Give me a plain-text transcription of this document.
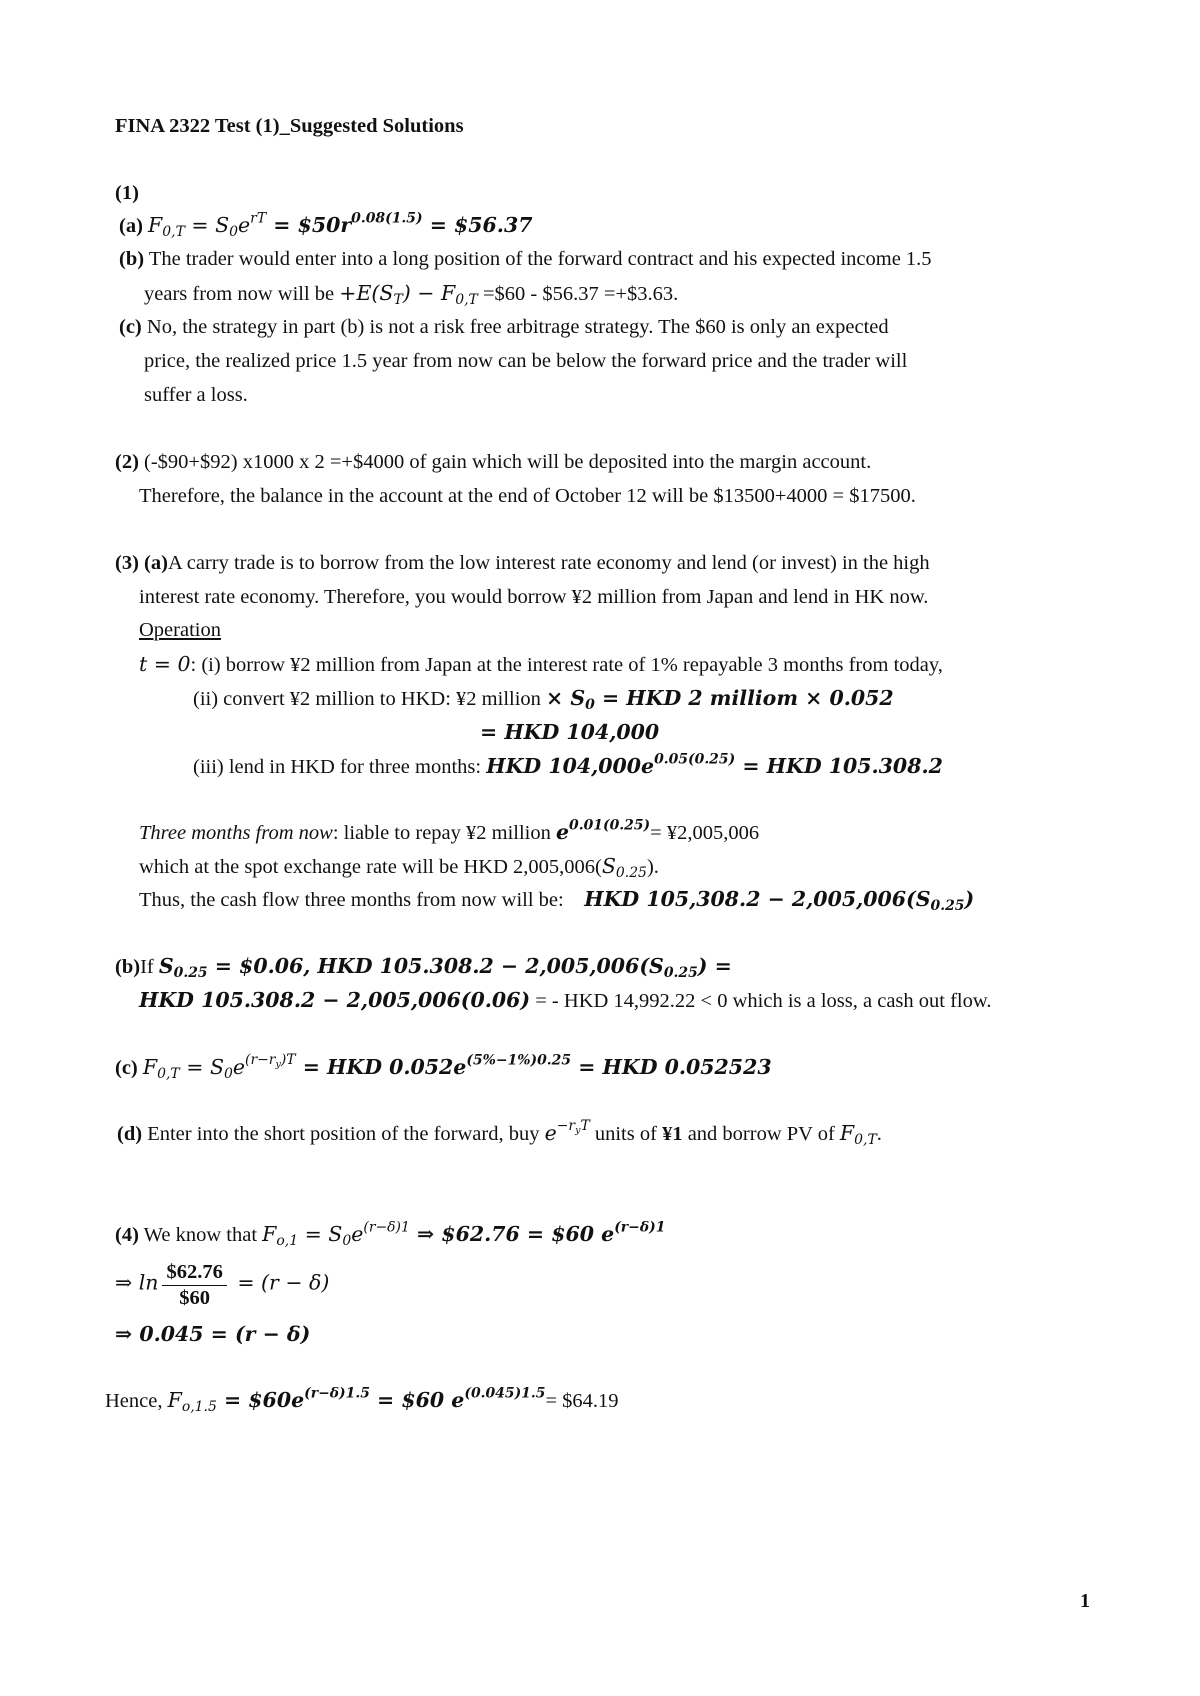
FINA 2322 Test (1)_Suggested Solutions
(1)
(a) $F_{0,T} = S_0e^{rT}$ = $\$50r^{0.08(1.5)}$ = $56.37
(b) The trader would enter into a long position of the forward contract and his expected income 1.5
years from now will be $+E(S_T) - F_{0,T}$ =$60 - $56.37 =+$3.63.
(c) No, the strategy in part (b) is not a risk free arbitrage strategy. The $60 is only an expected
price, the realized price 1.5 year from now can be below the forward price and the trader will
suffer a loss.
(2) (-$90+$92) x1000 x 2 =+$4000 of gain which will be deposited into the margin account.
Therefore, the balance in the account at the end of October 12 will be $13500+4000 = $17500.
(3) (a)A carry trade is to borrow from the low interest rate economy and lend (or invest) in the high
interest rate economy. Therefore, you would borrow ¥2 million from Japan and lend in HK now.
Operation
t = 0: (i) borrow ¥2 million from Japan at the interest rate of 1% repayable 3 months from today,
(ii) convert ¥2 million to HKD: ¥2 million × $S_0$ = HKD 2 milliom × 0.052
= HKD 104,000
(iii) lend in HKD for three months: HKD $104,000e^{0.05(0.25)}$ = HKD 105.308.2
Three months from now: liable to repay ¥2 million $e^{0.01(0.25)}=$ ¥2,005,006
which at the spot exchange rate will be HKD $2,005,006(S_{0.25})$.
Thus, the cash flow three months from now will be: HKD $105,308.2 - 2,005,006(S_{0.25})$
(b)If $S_{0.25}$ = $0.06, HKD $105.308.2 - 2,005,006(S_{0.25})$ =
HKD 105.308.2 − 2,005,006(0.06) = - HKD 14,992.22 < 0 which is a loss, a cash out flow.
(c) $F_{0,T} = S_0e^{(r-r_y)T}$ = HKD $0.052e^{(5\%-1\%)0.25}$ = HKD 0.052523
(d) Enter into the short position of the forward, buy $e^{-r_yT}$ units of ¥1 and borrow PV of $F_{0,T}$.
(4) We know that $F_{o,1} = S_0e^{(r-\delta)1}$ ⇒ $62.76 = $60 $e^{(r-\delta)1}$
⇒ $\ln \frac{\$62.76}{\$60} = (r - \delta)$
⇒ 0.045 = (r − δ)
Hence, $F_{o,1.5}$ = $\$60e^{(r-\delta)1.5}$ = $60 $e^{(0.045)1.5}=$ $64.19
1
